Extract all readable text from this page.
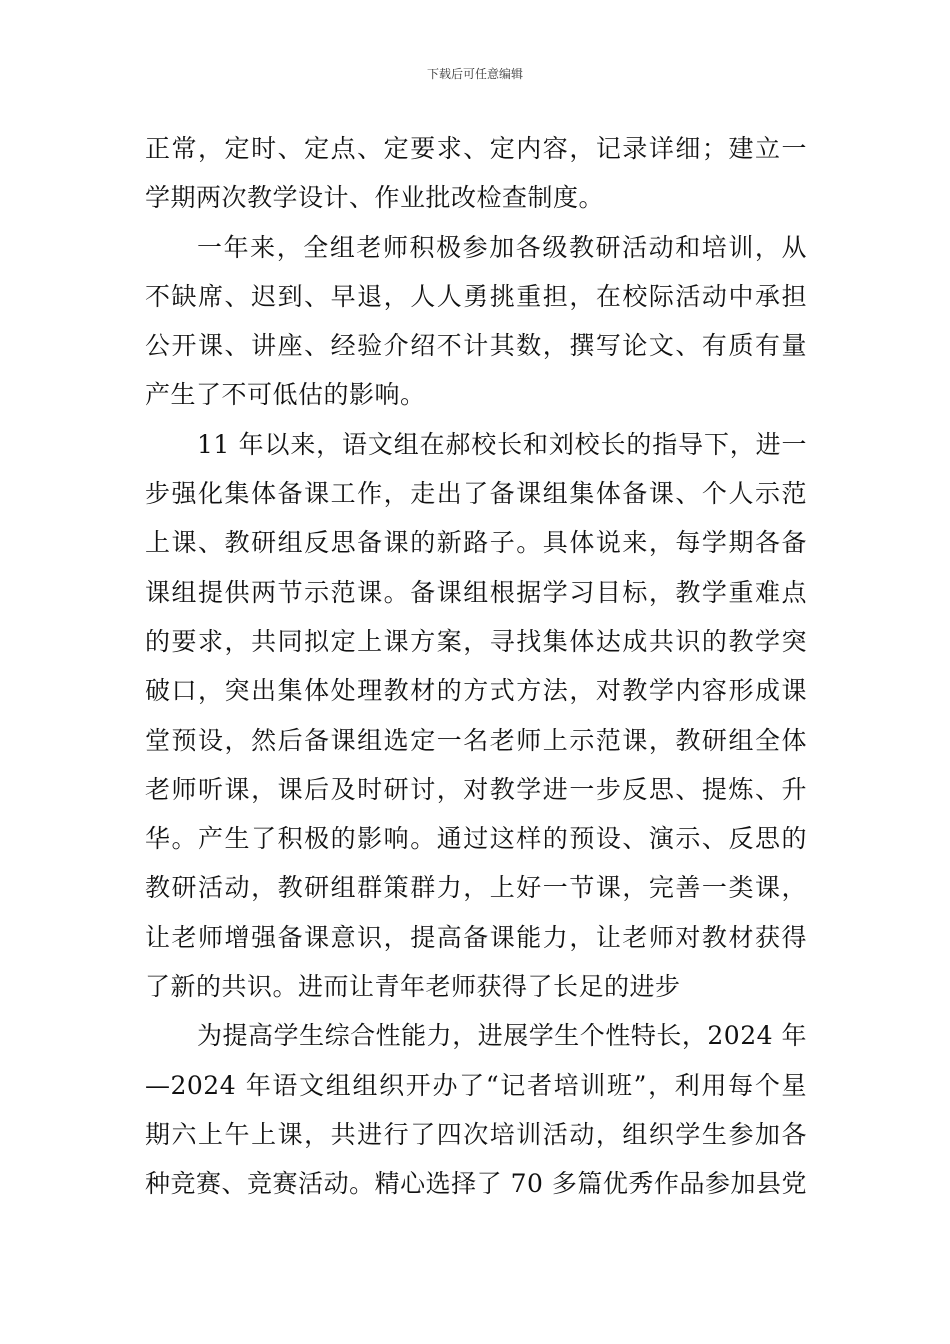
下载后可任意编辑
正常，定时、定点、定要求、定内容，记录详细；建立一
学期两次教学设计、作业批改检查制度。
一年来，全组老师积极参加各级教研活动和培训，从
不缺席、迟到、早退，人人勇挑重担，在校际活动中承担
公开课、讲座、经验介绍不计其数，撰写论文、有质有量
产生了不可低估的影响。
11 年以来，语文组在郝校长和刘校长的指导下，进一
步强化集体备课工作，走出了备课组集体备课、个人示范
上课、教研组反思备课的新路子。具体说来，每学期各备
课组提供两节示范课。备课组根据学习目标，教学重难点
的要求，共同拟定上课方案，寻找集体达成共识的教学突
破口，突出集体处理教材的方式方法，对教学内容形成课
堂预设，然后备课组选定一名老师上示范课，教研组全体
老师听课，课后及时研讨，对教学进一步反思、提炼、升
华。产生了积极的影响。通过这样的预设、演示、反思的
教研活动，教研组群策群力，上好一节课，完善一类课，
让老师增强备课意识，提高备课能力，让老师对教材获得
了新的共识。进而让青年老师获得了长足的进步
为提高学生综合性能力，进展学生个性特长，2024 年
—2024 年语文组组织开办了“记者培训班”，利用每个星
期六上午上课，共进行了四次培训活动，组织学生参加各
种竞赛、竞赛活动。精心选择了 70 多篇优秀作品参加县党
